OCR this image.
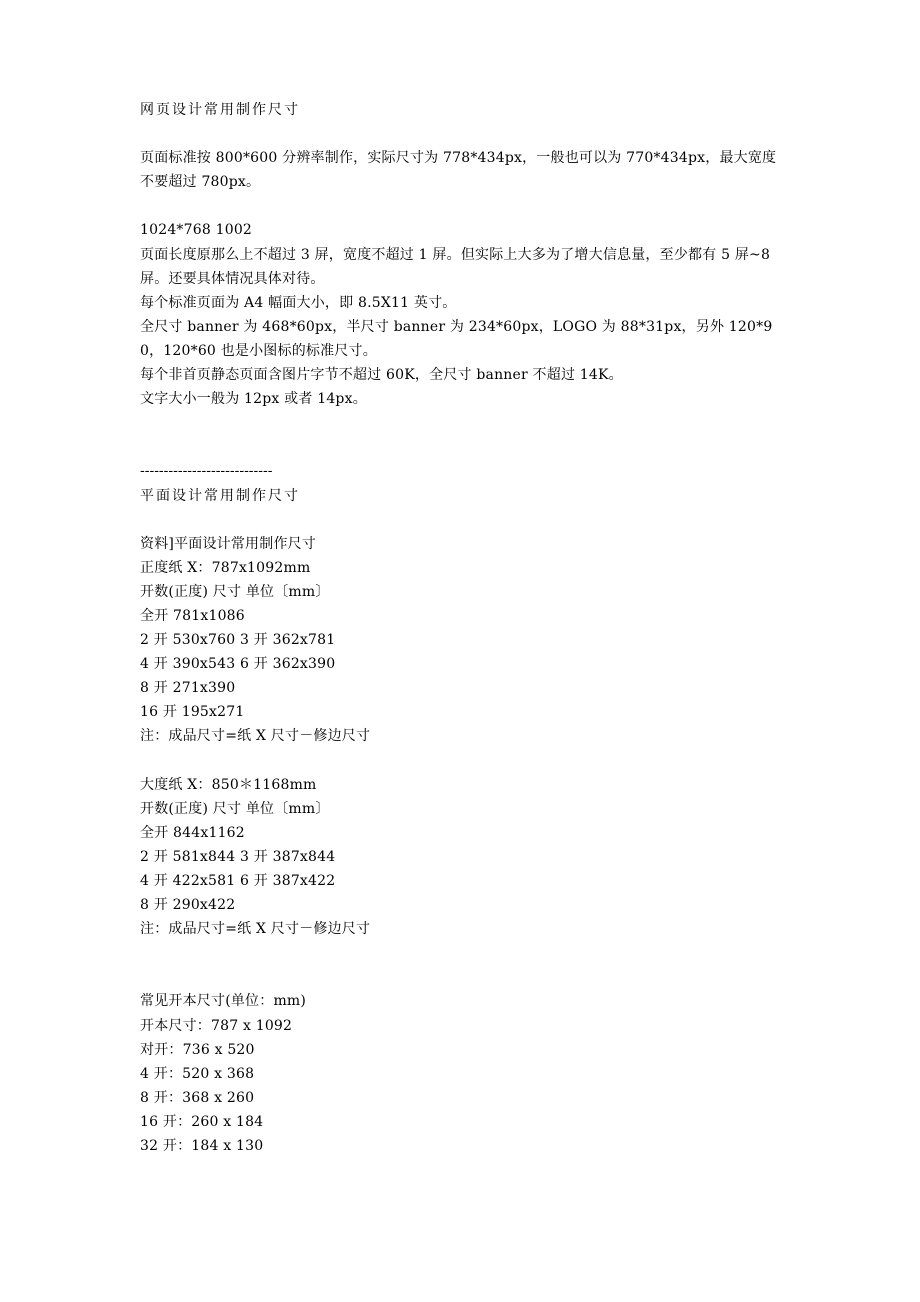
网页设计常用制作尺寸
页面标准按 800*600 分辨率制作，实际尺寸为 778*434px，一般也可以为 770*434px，最大宽度不要超过 780px。
1024*768 1002
页面长度原那么上不超过 3 屏，宽度不超过 1 屏。但实际上大多为了增大信息量，至少都有 5 屏~8 屏。还要具体情况具体对待。
每个标准页面为 A4 幅面大小，即 8.5X11 英寸。
全尺寸 banner 为 468*60px，半尺寸 banner 为 234*60px，LOGO 为 88*31px，另外 120*90，120*60 也是小图标的标准尺寸。
每个非首页静态页面含图片字节不超过 60K，全尺寸 banner 不超过 14K。
文字大小一般为 12px 或者 14px。
----------------------------
平面设计常用制作尺寸
资料]平面设计常用制作尺寸
正度纸 X：787x1092mm
开数(正度) 尺寸 单位〔mm〕
全开 781x1086
2 开 530x760 3 开 362x781
4 开 390x543 6 开 362x390
8 开 271x390
16 开 195x271
注：成品尺寸=纸 X 尺寸－修边尺寸
大度纸 X：850＊1168mm
开数(正度) 尺寸 单位〔mm〕
全开 844x1162
2 开 581x844 3 开 387x844
4 开 422x581 6 开 387x422
8 开 290x422
注：成品尺寸=纸 X 尺寸－修边尺寸
常见开本尺寸(单位：mm)
开本尺寸：787 x 1092
对开：736 x 520
4 开：520 x 368
8 开：368 x 260
16 开：260 x 184
32 开：184 x 130
